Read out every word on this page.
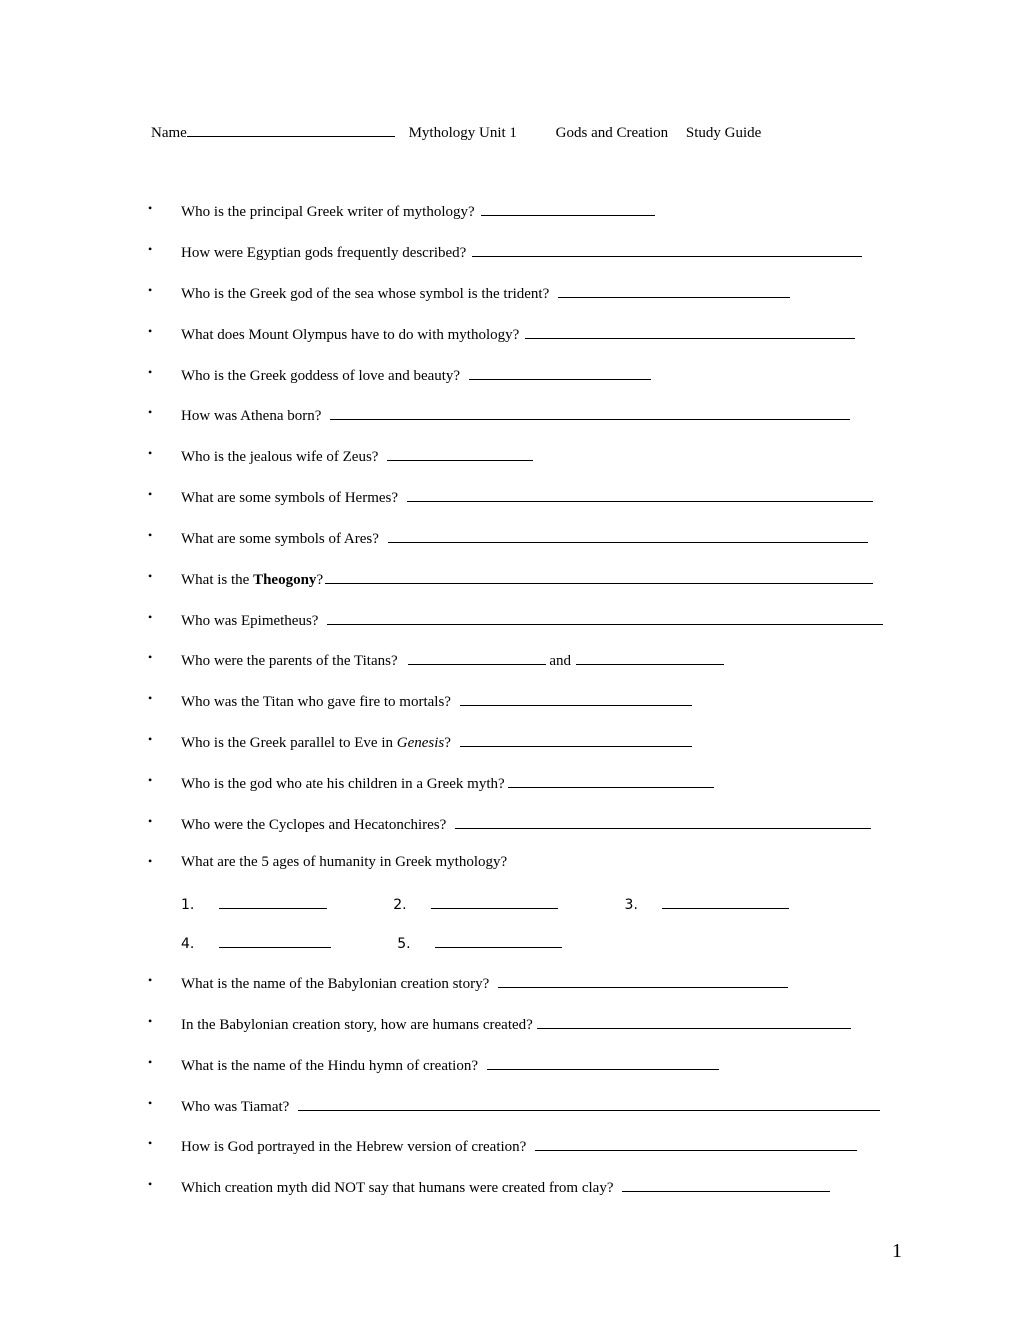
Name	Mythology Unit 1	Gods and Creation Study Guide
• Who is the principal Greek writer of mythology?
• How were Egyptian gods frequently described?
• Who is the Greek god of the sea whose symbol is the trident?
• What does Mount Olympus have to do with mythology?
• Who is the Greek goddess of love and beauty?
• How was Athena born?
• Who is the jealous wife of Zeus?
• What are some symbols of Hermes?
• What are some symbols of Ares?
• What is the Theogony?
• Who was Epimetheus?
• Who were the parents of the Titans?	and
• Who was the Titan who gave fire to mortals?
• Who is the Greek parallel to Eve in Genesis?
• Who is the god who ate his children in a Greek myth?
• Who were the Cyclopes and Hecatonchires?
• What are the 5 ages of humanity in Greek mythology?
1.	2.	3.
4.	5.
• What is the name of the Babylonian creation story?
• In the Babylonian creation story, how are humans created?
• What is the name of the Hindu hymn of creation?
• Who was Tiamat?
• How is God portrayed in the Hebrew version of creation?
• Which creation myth did NOT say that humans were created from clay?
1
